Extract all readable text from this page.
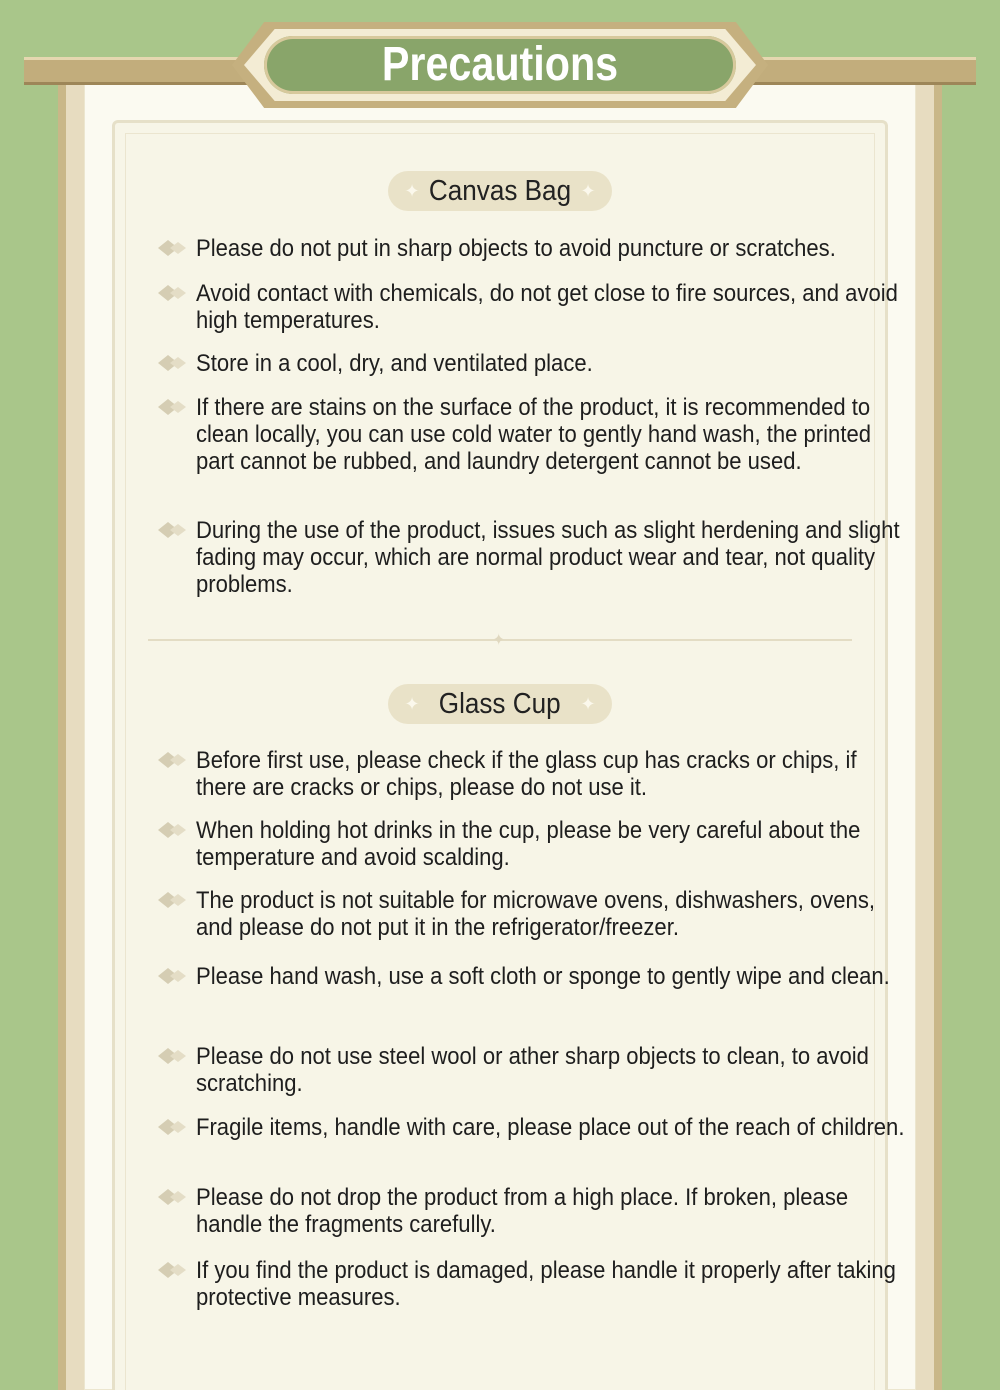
Precautions
✦ Canvas Bag ✦
Please do not put in sharp objects to avoid puncture or scratches.
Avoid contact with chemicals, do not get close to fire sources, and avoid high temperatures.
Store in a cool, dry, and ventilated place.
If there are stains on the surface of the product, it is recommended to clean locally, you can use cold water to gently hand wash, the printed part cannot be rubbed, and laundry detergent cannot be used.
During the use of the product, issues such as slight herdening and slight fading may occur, which are normal product wear and tear, not quality problems.
✦
✦ Glass Cup ✦
Before first use, please check if the glass cup has cracks or chips, if there are cracks or chips, please do not use it.
When holding hot drinks in the cup, please be very careful about the temperature and avoid scalding.
The product is not suitable for microwave ovens, dishwashers, ovens, and please do not put it in the refrigerator/freezer.
Please hand wash, use a soft cloth or sponge to gently wipe and clean.
Please do not use steel wool or ather sharp objects to clean, to avoid scratching.
Fragile items, handle with care, please place out of the reach of children.
Please do not drop the product from a high place. If broken, please handle the fragments carefully.
If you find the product is damaged, please handle it properly after taking protective measures.
